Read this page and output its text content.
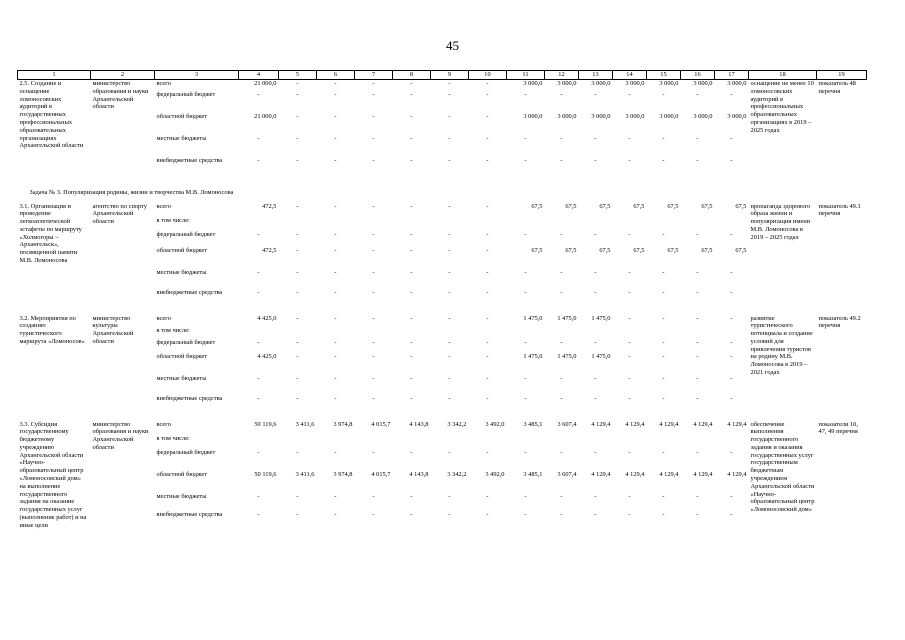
45
1	2	3	4	5	6	7	8	9	10	11	12	13	14	15	16	17	18	19
2.5. Создание и оснащение ломоносовских аудиторий в государственных профессиональных образовательных организациях Архангельской области	министерство образования и науки Архангельской области	всего	21 000,0	-	-	-	-	-	-	3 000,0	3 000,0	3 000,0	3 000,0	3 000,0	3 000,0	3 000,0	оснащение не менее 10 ломоносовских аудиторий в профессиональных образовательных организациях в 2019 – 2025 годах	показатель 48 перечня
		федеральный бюджет	-	-	-	-	-	-	-	-	-	-	-	-	-	-		
		областной бюджет	21 000,0	-	-	-	-	-	-	3 000,0	3 000,0	3 000,0	3 000,0	3 000,0	3 000,0	3 000,0		
		местные бюджеты	-	-	-	-	-	-	-	-	-	-	-	-	-	-		
		внебюджетные средства	-	-	-	-	-	-	-	-	-	-	-	-	-	-		

Задача № 3. Популяризация родины, жизни и творчества М.В. Ломоносова																		
3.1. Организация и проведение легкоатлетической эстафеты по маршруту «Холмогоры – Архангельск», посвященной памяти М.В. Ломоносова	агентство по спорту Архангельской области	всего	472,5	-	-	-	-	-	-	67,5	67,5	67,5	67,5	67,5	67,5	67,5	пропаганда здорового образа жизни и популяризация имени М.В. Ломоносова в 2019 – 2025 годах	показатель 49.1 перечня
		в том числе:																
		федеральный бюджет	-	-	-	-	-	-	-	-	-	-	-	-	-	-		
		областной бюджет	472,5	-	-	-	-	-	-	67,5	67,5	67,5	67,5	67,5	67,5	67,5		
		местные бюджеты	-	-	-	-	-	-	-	-	-	-	-	-	-	-		
		внебюджетные средства	-	-	-	-	-	-	-	-	-	-	-	-	-	-		

3.2. Мероприятия по созданию туристического маршрута «Ломоносов»	министерство культуры Архангельской области	всего	4 425,0	-	-	-	-	-	-	1 475,0	1 475,0	1 475,0	-	-	-	-	развитие туристического потенциала и создание условий для привлечения туристов на родину М.В. Ломоносова в 2019 – 2021 годах	показатель 49.2 перечня
		в том числе:																
		федеральный бюджет	-	-	-	-	-	-	-	-	-	-	-	-	-	-		
		областной бюджет	4 425,0	-	-	-	-	-	-	1 475,0	1 475,0	1 475,0	-	-	-	-		
		местные бюджеты	-	-	-	-	-	-	-	-	-	-	-	-	-	-		
		внебюджетные средства	-	-	-	-	-	-	-	-	-	-	-	-	-	-		

3.3. Субсидия государственному бюджетному учреждению Архангельской области «Научно-образовательный центр «Ломоносовский дом» на выполнение государственного задания на оказание государственных услуг (выполнение работ) и на иные цели	министерство образования и науки Архангельской области	всего	50 119,6	3 411,6	3 974,8	4 015,7	4 143,8	3 342,2	3 492,0	3 485,1	3 607,4	4 129,4	4 129,4	4 129,4	4 129,4	4 129,4	обеспечение выполнения государственного задания и оказания государственных услуг государственным бюджетным учреждением Архангельской области «Научно-образовательный центр «Ломоносовский дом»	показатели 10, 47, 49 перечня
		в том числе:																
		федеральный бюджет	-	-	-	-	-	-	-	-	-	-	-	-	-	-		
		областной бюджет	50 119,6	3 411,6	3 974,8	4 015,7	4 143,8	3 342,2	3 492,0	3 485,1	3 607,4	4 129,4	4 129,4	4 129,4	4 129,4	4 129,4		
		местные бюджеты	-	-	-	-	-	-	-	-	-	-	-	-	-	-		
		внебюджетные средства	-	-	-	-	-	-	-	-	-	-	-	-	-	-		
